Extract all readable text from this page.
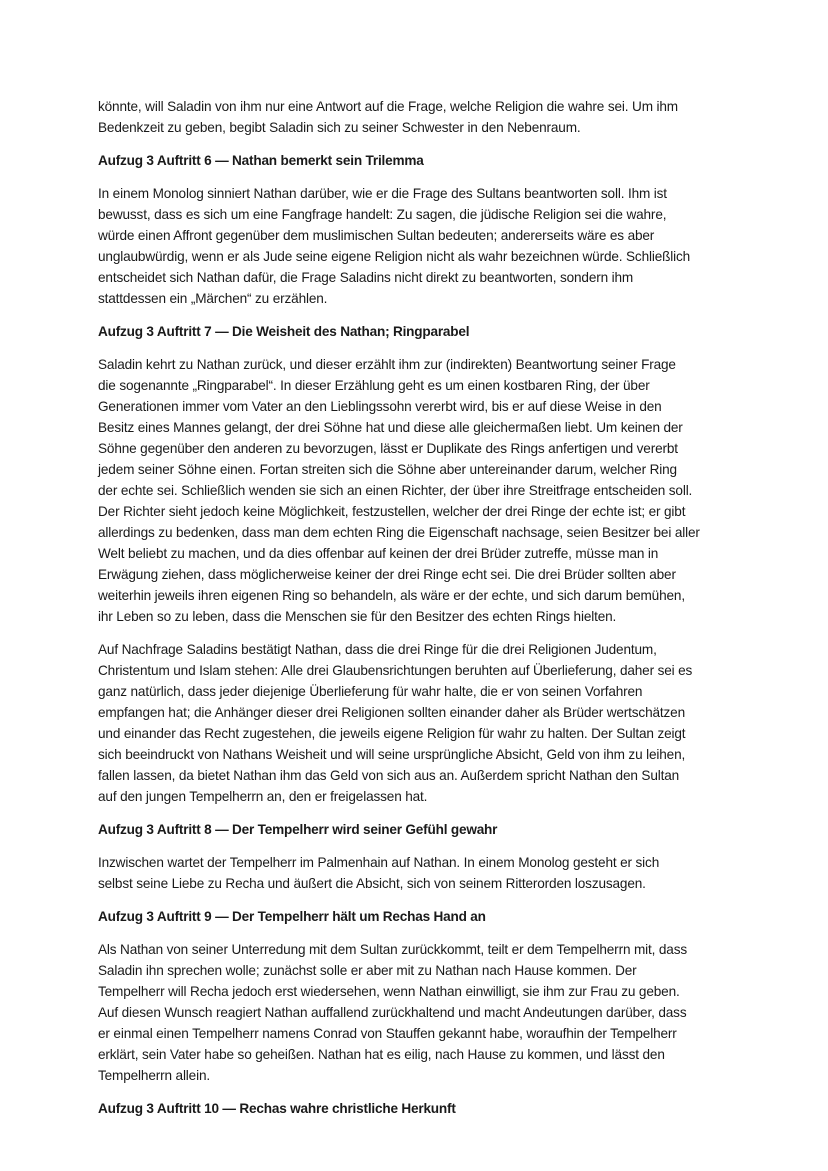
könnte, will Saladin von ihm nur eine Antwort auf die Frage, welche Religion die wahre sei. Um ihm
Bedenkzeit zu geben, begibt Saladin sich zu seiner Schwester in den Nebenraum.
Aufzug 3 Auftritt 6 — Nathan bemerkt sein Trilemma
In einem Monolog sinniert Nathan darüber, wie er die Frage des Sultans beantworten soll. Ihm ist
bewusst, dass es sich um eine Fangfrage handelt: Zu sagen, die jüdische Religion sei die wahre,
würde einen Affront gegenüber dem muslimischen Sultan bedeuten; andererseits wäre es aber
unglaubwürdig, wenn er als Jude seine eigene Religion nicht als wahr bezeichnen würde. Schließlich
entscheidet sich Nathan dafür, die Frage Saladins nicht direkt zu beantworten, sondern ihm
stattdessen ein „Märchen“ zu erzählen.
Aufzug 3 Auftritt 7 — Die Weisheit des Nathan; Ringparabel
Saladin kehrt zu Nathan zurück, und dieser erzählt ihm zur (indirekten) Beantwortung seiner Frage
die sogenannte „Ringparabel“. In dieser Erzählung geht es um einen kostbaren Ring, der über
Generationen immer vom Vater an den Lieblingssohn vererbt wird, bis er auf diese Weise in den
Besitz eines Mannes gelangt, der drei Söhne hat und diese alle gleichermaßen liebt. Um keinen der
Söhne gegenüber den anderen zu bevorzugen, lässt er Duplikate des Rings anfertigen und vererbt
jedem seiner Söhne einen. Fortan streiten sich die Söhne aber untereinander darum, welcher Ring
der echte sei. Schließlich wenden sie sich an einen Richter, der über ihre Streitfrage entscheiden soll.
Der Richter sieht jedoch keine Möglichkeit, festzustellen, welcher der drei Ringe der echte ist; er gibt
allerdings zu bedenken, dass man dem echten Ring die Eigenschaft nachsage, seien Besitzer bei aller
Welt beliebt zu machen, und da dies offenbar auf keinen der drei Brüder zutreffe, müsse man in
Erwägung ziehen, dass möglicherweise keiner der drei Ringe echt sei. Die drei Brüder sollten aber
weiterhin jeweils ihren eigenen Ring so behandeln, als wäre er der echte, und sich darum bemühen,
ihr Leben so zu leben, dass die Menschen sie für den Besitzer des echten Rings hielten.
Auf Nachfrage Saladins bestätigt Nathan, dass die drei Ringe für die drei Religionen Judentum,
Christentum und Islam stehen: Alle drei Glaubensrichtungen beruhten auf Überlieferung, daher sei es
ganz natürlich, dass jeder diejenige Überlieferung für wahr halte, die er von seinen Vorfahren
empfangen hat; die Anhänger dieser drei Religionen sollten einander daher als Brüder wertschätzen
und einander das Recht zugestehen, die jeweils eigene Religion für wahr zu halten. Der Sultan zeigt
sich beeindruckt von Nathans Weisheit und will seine ursprüngliche Absicht, Geld von ihm zu leihen,
fallen lassen, da bietet Nathan ihm das Geld von sich aus an. Außerdem spricht Nathan den Sultan
auf den jungen Tempelherrn an, den er freigelassen hat.
Aufzug 3 Auftritt 8 — Der Tempelherr wird seiner Gefühl gewahr
Inzwischen wartet der Tempelherr im Palmenhain auf Nathan. In einem Monolog gesteht er sich
selbst seine Liebe zu Recha und äußert die Absicht, sich von seinem Ritterorden loszusagen.
Aufzug 3 Auftritt 9 — Der Tempelherr hält um Rechas Hand an
Als Nathan von seiner Unterredung mit dem Sultan zurückkommt, teilt er dem Tempelherrn mit, dass
Saladin ihn sprechen wolle; zunächst solle er aber mit zu Nathan nach Hause kommen. Der
Tempelherr will Recha jedoch erst wiedersehen, wenn Nathan einwilligt, sie ihm zur Frau zu geben.
Auf diesen Wunsch reagiert Nathan auffallend zurückhaltend und macht Andeutungen darüber, dass
er einmal einen Tempelherr namens Conrad von Stauffen gekannt habe, woraufhin der Tempelherr
erklärt, sein Vater habe so geheißen. Nathan hat es eilig, nach Hause zu kommen, und lässt den
Tempelherrn allein.
Aufzug 3 Auftritt 10 — Rechas wahre christliche Herkunft
